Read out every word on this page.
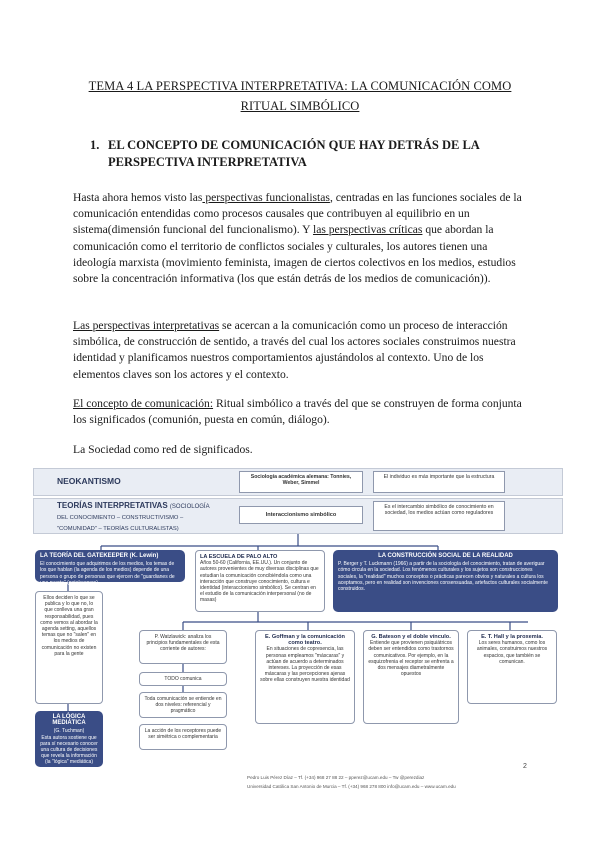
TEMA 4 LA PERSPECTIVA INTERPRETATIVA: LA COMUNICACIÓN COMO
RITUAL SIMBÓLICO
1. EL CONCEPTO DE COMUNICACIÓN QUE HAY DETRÁS DE LA
PERSPECTIVA INTERPRETATIVA
Hasta ahora hemos visto las perspectivas funcionalistas, centradas en las funciones sociales de la comunicación entendidas como procesos causales que contribuyen al equilibrio en un sistema(dimensión funcional del funcionalismo). Y las perspectivas críticas que abordan la comunicación como el territorio de conflictos sociales y culturales, los autores tienen una ideología marxista (movimiento feminista, imagen de ciertos colectivos en los medios, estudios sobre la concentración informativa (los que están detrás de los medios de comunicación)).
Las perspectivas interpretativas se acercan a la comunicación como un proceso de interacción simbólica, de construcción de sentido, a través del cual los actores sociales construimos nuestra identidad y planificamos nuestros comportamientos ajustándolos al contexto. Uno de los elementos claves son los actores y el contexto.
El concepto de comunicación: Ritual simbólico a través del que se construyen de forma conjunta los significados (comunión, puesta en común, diálogo).
La Sociedad como red de significados.
NEOKANTISMO	Sociología académica alemana: Tonnies, Weber, Simmel
El individuo es más importante que la estructura
TEORÍAS INTERPRETATIVAS (SOCIOLOGÍA
DEL CONOCIMIENTO – CONSTRUCTIVISMO –
"COMUNIDAD" – TEORÍAS CULTURALISTAS)
Interaccionismo simbólico
Es el intercambio simbólico de conocimiento en sociedad, los medios actúan como reguladores
LA TEORÍA DEL GATEKEEPER (K. Lewin)
El conocimiento que adquirimos de los medios, los temas de los que hablan (la agenda de los medios) depende de una persona o grupo de personas que ejercen de "guardianes de una puerta" (gatekeepers).
Ellos deciden lo que se publica y lo que no, lo que conlleva una gran responsabilidad, pues como vemos al abordar la agenda setting, aquellos temas que no "salen" en los medios de comunicación no existen para la gente
LA LÓGICA MEDIÁTICA
(G. Tuchman)
Esta autora sostiene que para sí necesario conocer una cultura de decisiones que revela la información (la "lógica" mediática)
LA ESCUELA DE PALO ALTO
Años 50-60 (California, EE.UU.). Un conjunto de autores provenientes de muy diversas disciplinas que estudian la comunicación concibiéndola como una interacción que construye conocimiento, cultura e identidad (interaccionismo simbólico). Se centran en el estudio de la comunicación interpersonal (no de masas)
LA CONSTRUCCIÓN SOCIAL DE LA REALIDAD
P. Berger y T. Luckmann (1966) a partir de la sociología del conocimiento, tratan de averiguar cómo circula en la sociedad. Los fenómenos culturales y los sujetos son construcciones sociales, la "realidad" muchos conceptos o prácticas parecen obvios y naturales a cultura los aceptamos, pero en realidad son invenciones consensuadas, artefactos culturales socialmente construidos.
P. Watzlawick: analiza los principios fundamentales de esta corriente de autores:
TODO comunica
Toda comunicación se entiende en dos niveles: referencial y pragmático
La acción de los receptores puede ser simétrica o complementaria
E. Goffman y la comunicación como teatro.
En situaciones de copresencia, las personas empleamos "máscaras" y actúan de acuerdo a determinados intereses. La proyección de esas máscaras y las percepciones ajenas sobre ellas construyen nuestra identidad
G. Bateson y el doble vínculo.
Entiende que provienen psiquiátricos deben ser entendidos como trastornos comunicativos. Por ejemplo, en la esquizofrenia el receptor se enfrenta a dos mensajes diametralmente opuestos
E. T. Hall y la proxemia.
Los seres humanos, como los animales, construimos nuestros espacios, que también se comunican.
2
Pedro Luis Pérez Díaz – Tf. (+34) 968 27 88 22 – pperez@ucam.edu – Tw @perezdiaz
Universidad Católica San Antonio de Murcia – Tf. (+34) 968 278 800 info@ucam.edu – www.ucam.edu
